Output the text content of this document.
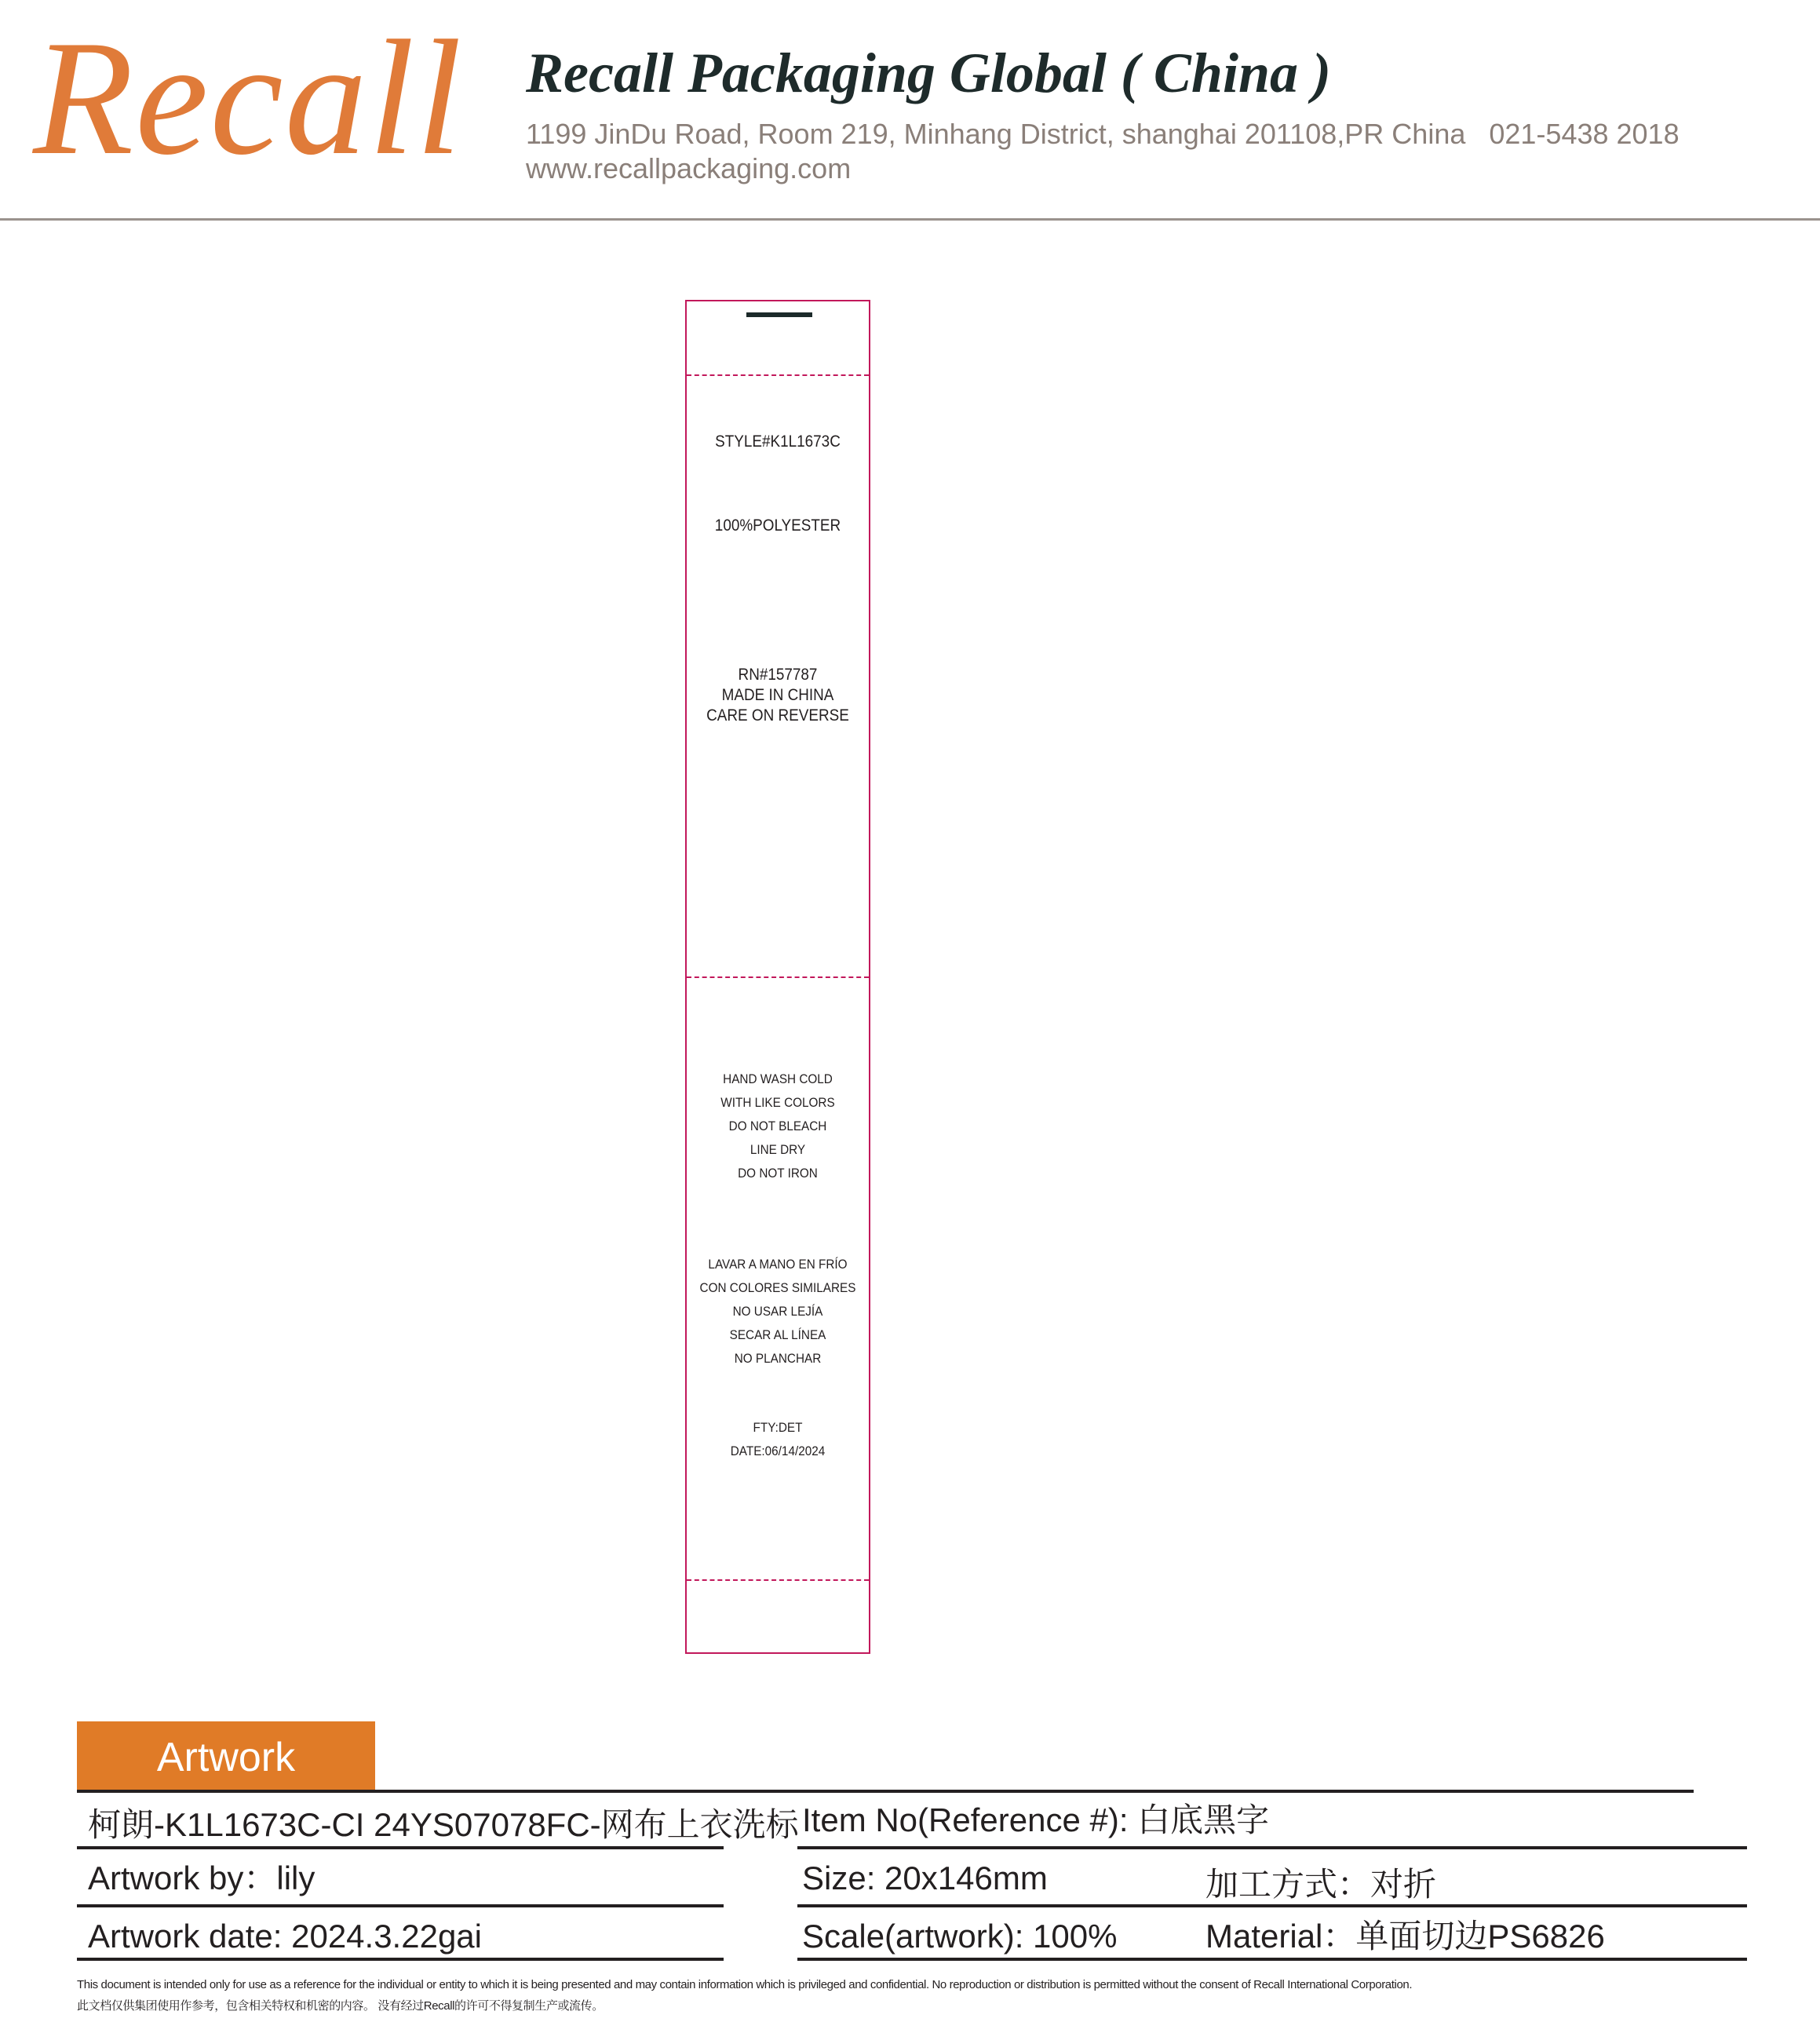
Recall Recall Packaging Global ( China )
1199 JinDu Road, Room 219, Minhang District, shanghai 201108,PR China 021-5438 2018
www.recallpackaging.com
STYLE#K1L1673C
100%POLYESTER
RN#157787
MADE IN CHINA
CARE ON REVERSE
HAND WASH COLD
WITH LIKE COLORS
DO NOT BLEACH
LINE DRY
DO NOT IRON
LAVAR A MANO EN FRÍO
CON COLORES SIMILARES
NO USAR LEJÍA
SECAR AL LÍNEA
NO PLANCHAR
FTY:DET
DATE:06/14/2024
Artwork
柯朗-K1L1673C-CI 24YS07078FC-网布上衣洗标 Item No(Reference #): 白底黑字
Artwork by：lily	Size: 20x146mm	加工方式：对折
Artwork date: 2024.3.22gai	Scale(artwork): 100%	Material：单面切边PS6826
This document is intended only for use as a reference for the individual or entity to which it is being presented and may contain information which is privileged and confidential. No reproduction or distribution is permitted without the consent of Recall International Corporation.
此文档仅供集团使用作参考，包含相关特权和机密的内容。 没有经过Recall的许可不得复制生产或流传。
